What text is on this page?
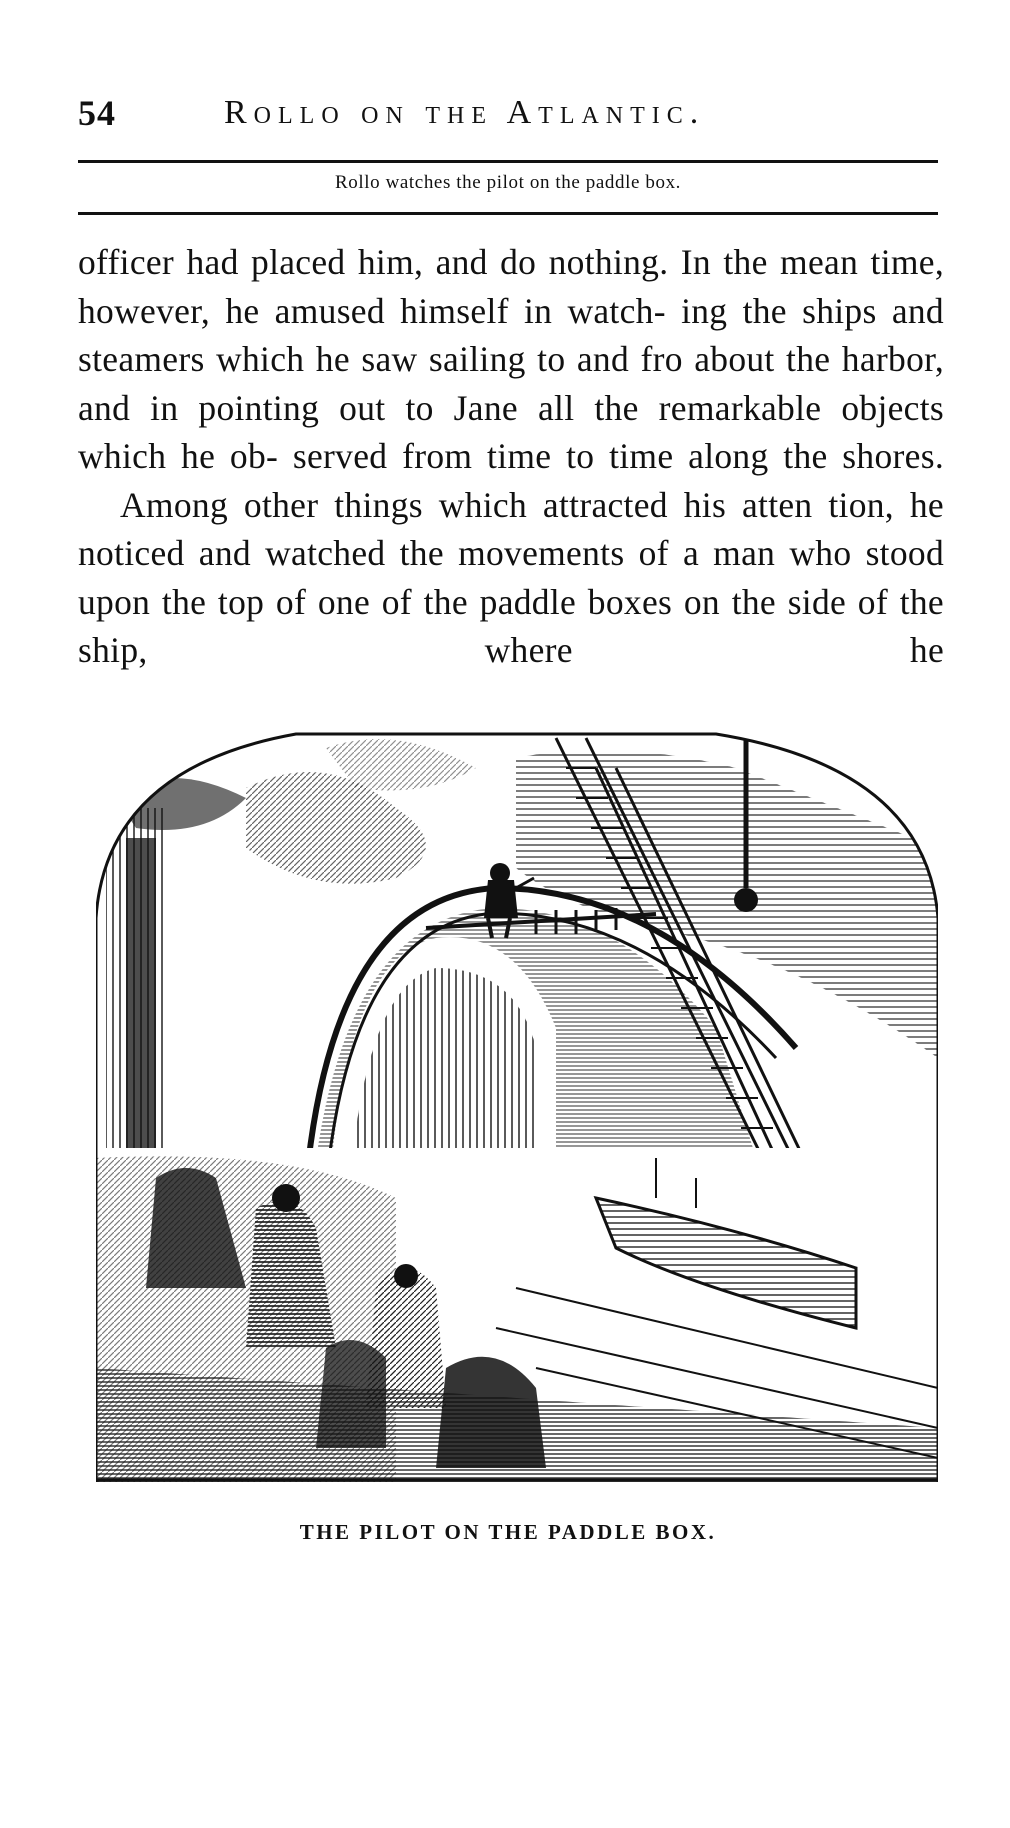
54	Rollo on the Atlantic.
Rollo watches the pilot on the paddle box.

officer had placed him, and do nothing. In the mean time, however, he amused himself in watch- ing the ships and steamers which he saw sailing to and fro about the harbor, and in pointing out to Jane all the remarkable objects which he ob- served from time to time along the shores.

Among other things which attracted his atten tion, he noticed and watched the movements of a man who stood upon the top of one of the paddle boxes on the side of the ship, where he

THE PILOT ON THE PADDLE BOX.
